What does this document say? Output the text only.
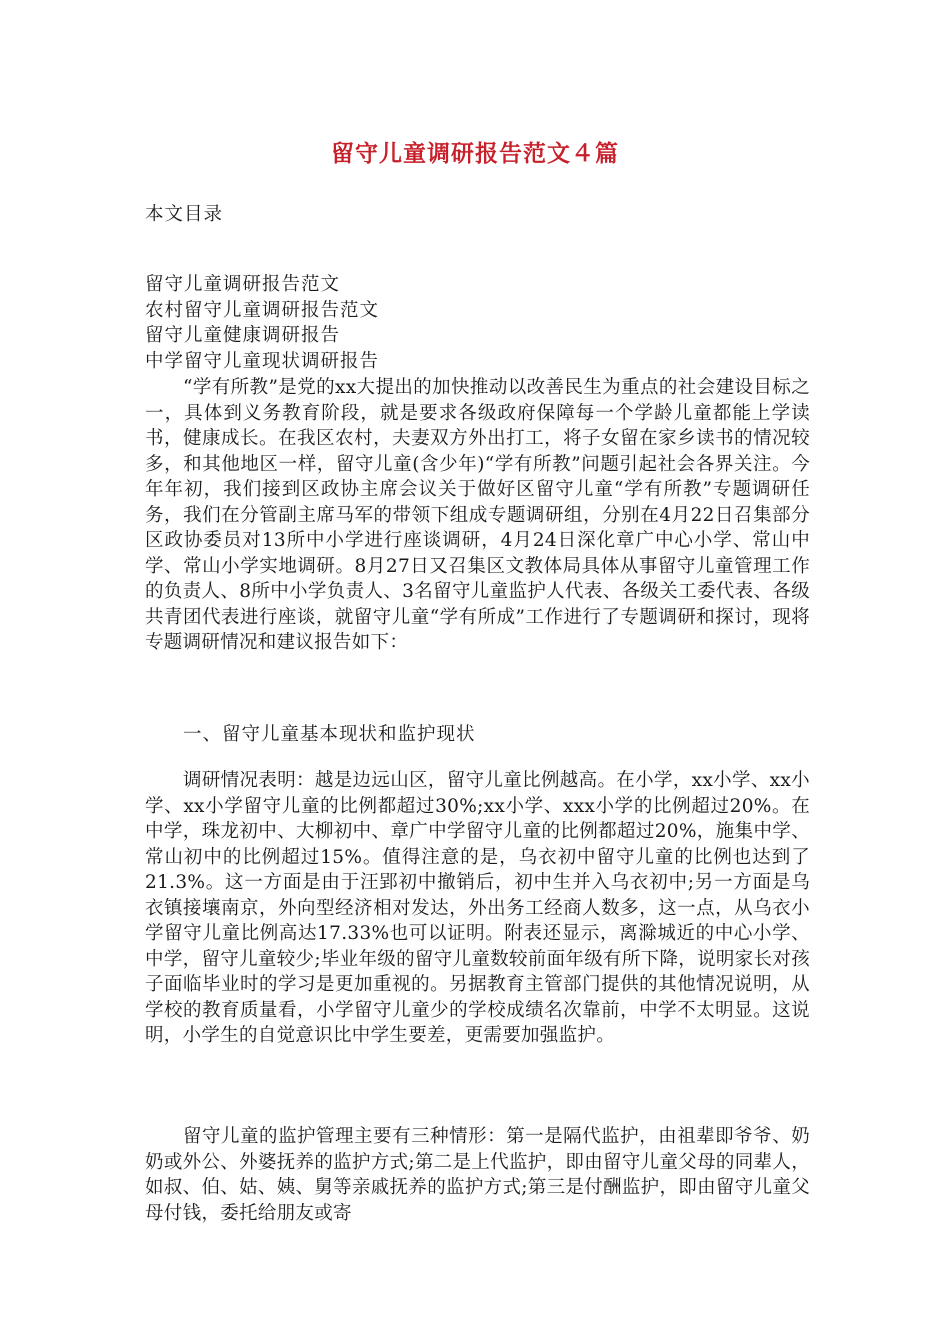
留守儿童调研报告范文４篇
本文目录
留守儿童调研报告范文
农村留守儿童调研报告范文
留守儿童健康调研报告
中学留守儿童现状调研报告

“学有所教”是党的xx大提出的加快推动以改善民生为重点的社会建设目标之一，具体到义务教育阶段，就是要求各级政府保障每一个学龄儿童都能上学读书，健康成长。在我区农村，夫妻双方外出打工，将子女留在家乡读书的情况较多，和其他地区一样，留守儿童(含少年)“学有所教”问题引起社会各界关注。今年年初，我们接到区政协主席会议关于做好区留守儿童“学有所教”专题调研任务，我们在分管副主席马军的带领下组成专题调研组，分别在4月22日召集部分区政协委员对13所中小学进行座谈调研，4月24日深化章广中心小学、常山中学、常山小学实地调研。8月27日又召集区文教体局具体从事留守儿童管理工作的负责人、8所中小学负责人、3名留守儿童监护人代表、各级关工委代表、各级共青团代表进行座谈，就留守儿童“学有所成”工作进行了专题调研和探讨，现将专题调研情况和建议报告如下：

一、留守儿童基本现状和监护现状

调研情况表明：越是边远山区，留守儿童比例越高。在小学，xx小学、xx小学、xx小学留守儿童的比例都超过30%;xx小学、xxx小学的比例超过20%。在中学，珠龙初中、大柳初中、章广中学留守儿童的比例都超过20%，施集中学、常山初中的比例超过15%。值得注意的是，乌衣初中留守儿童的比例也达到了21.3%。这一方面是由于汪郢初中撤销后，初中生并入乌衣初中;另一方面是乌衣镇接壤南京，外向型经济相对发达，外出务工经商人数多，这一点，从乌衣小学留守儿童比例高达17.33%也可以证明。附表还显示，离滁城近的中心小学、中学，留守儿童较少;毕业年级的留守儿童数较前面年级有所下降，说明家长对孩子面临毕业时的学习是更加重视的。另据教育主管部门提供的其他情况说明，从学校的教育质量看，小学留守儿童少的学校成绩名次靠前，中学不太明显。这说明，小学生的自觉意识比中学生要差，更需要加强监护。

留守儿童的监护管理主要有三种情形：第一是隔代监护，由祖辈即爷爷、奶奶或外公、外婆抚养的监护方式;第二是上代监护，即由留守儿童父母的同辈人，如叔、伯、姑、姨、舅等亲戚抚养的监护方式;第三是付酬监护，即由留守儿童父母付钱，委托给朋友或寄
